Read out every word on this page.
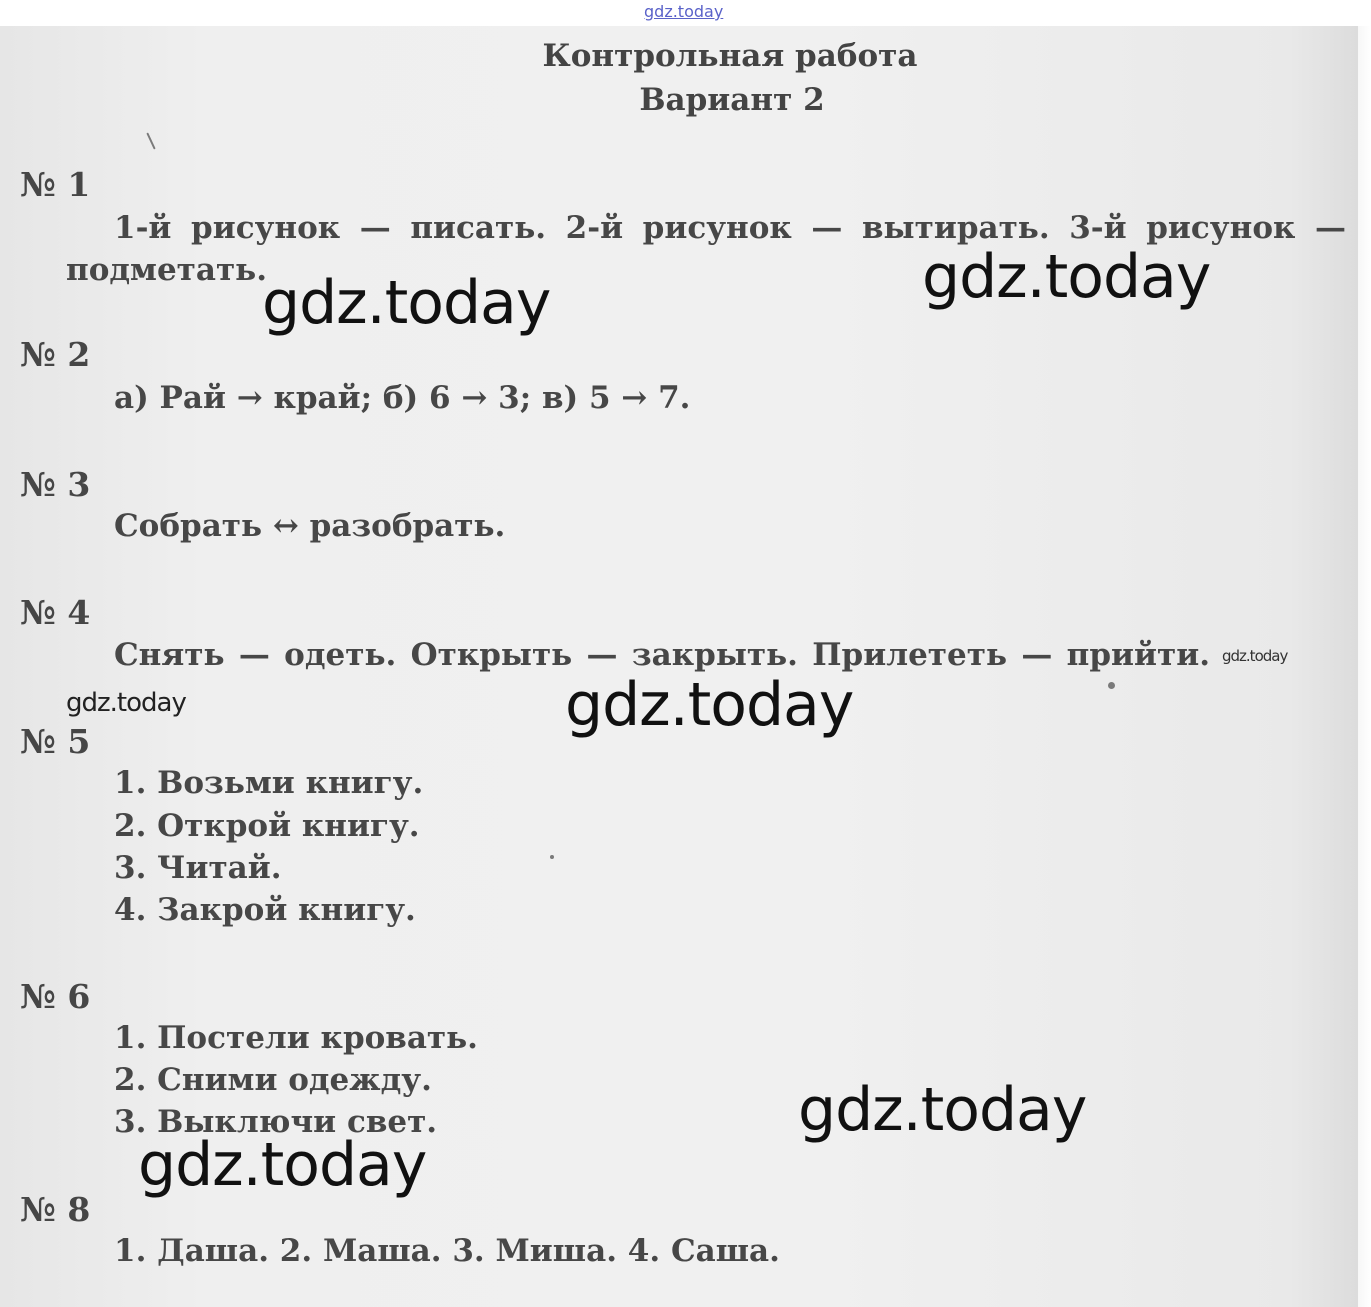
Контрольная работа
Вариант 2
№ 1
1-й рисунок — писать. 2-й рисунок — вытирать. 3-й рисунок —
подметать.
№ 2
а) Рай → край; б) 6 → 3; в) 5 → 7.
№ 3
Собрать ↔ разобрать.
№ 4
Снять — одеть. Открыть — закрыть. Прилететь — прийти.
№ 5
1. Возьми книгу.
2. Открой книгу.
3. Читай.
4. Закрой книгу.
№ 6
1. Постели кровать.
2. Сними одежду.
3. Выключи свет.
№ 8
1. Даша. 2. Маша. 3. Миша. 4. Саша.
gdz.today
gdz.today	gdz.today
gdz.today
gdz.today	gdz.today
gdz.today
gdz.today
